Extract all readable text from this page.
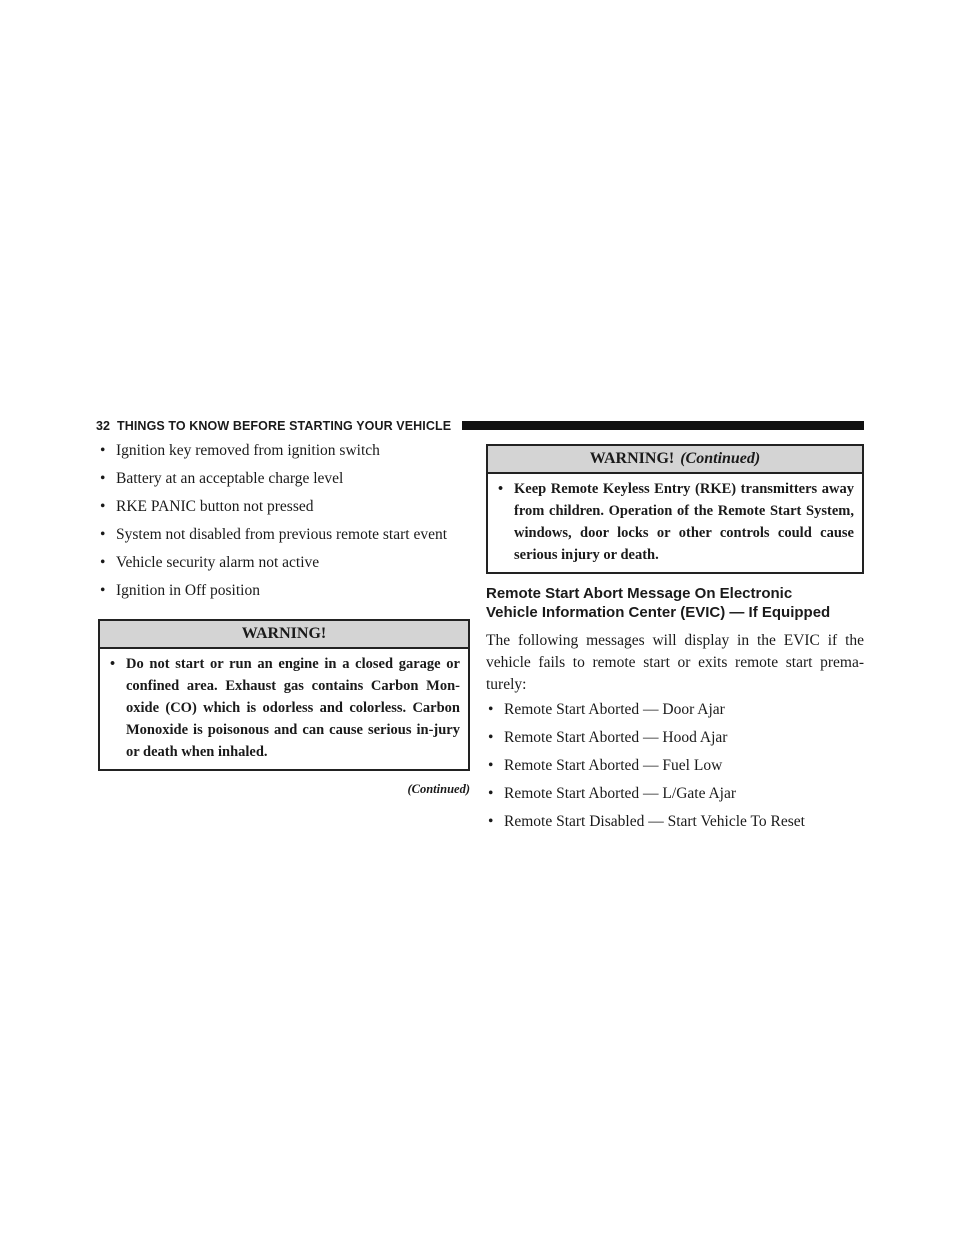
32 THINGS TO KNOW BEFORE STARTING YOUR VEHICLE
• Ignition key removed from ignition switch
• Battery at an acceptable charge level
• RKE PANIC button not pressed
• System not disabled from previous remote start event
• Vehicle security alarm not active
• Ignition in Off position
WARNING!
• Do not start or run an engine in a closed garage or confined area. Exhaust gas contains Carbon Mon-oxide (CO) which is odorless and colorless. Carbon Monoxide is poisonous and can cause serious in-jury or death when inhaled.
(Continued)
WARNING! (Continued)
• Keep Remote Keyless Entry (RKE) transmitters away from children. Operation of the Remote Start System, windows, door locks or other controls could cause serious injury or death.
Remote Start Abort Message On Electronic
Vehicle Information Center (EVIC) — If Equipped
The following messages will display in the EVIC if the vehicle fails to remote start or exits remote start prema-turely:
• Remote Start Aborted — Door Ajar
• Remote Start Aborted — Hood Ajar
• Remote Start Aborted — Fuel Low
• Remote Start Aborted — L/Gate Ajar
• Remote Start Disabled — Start Vehicle To Reset
